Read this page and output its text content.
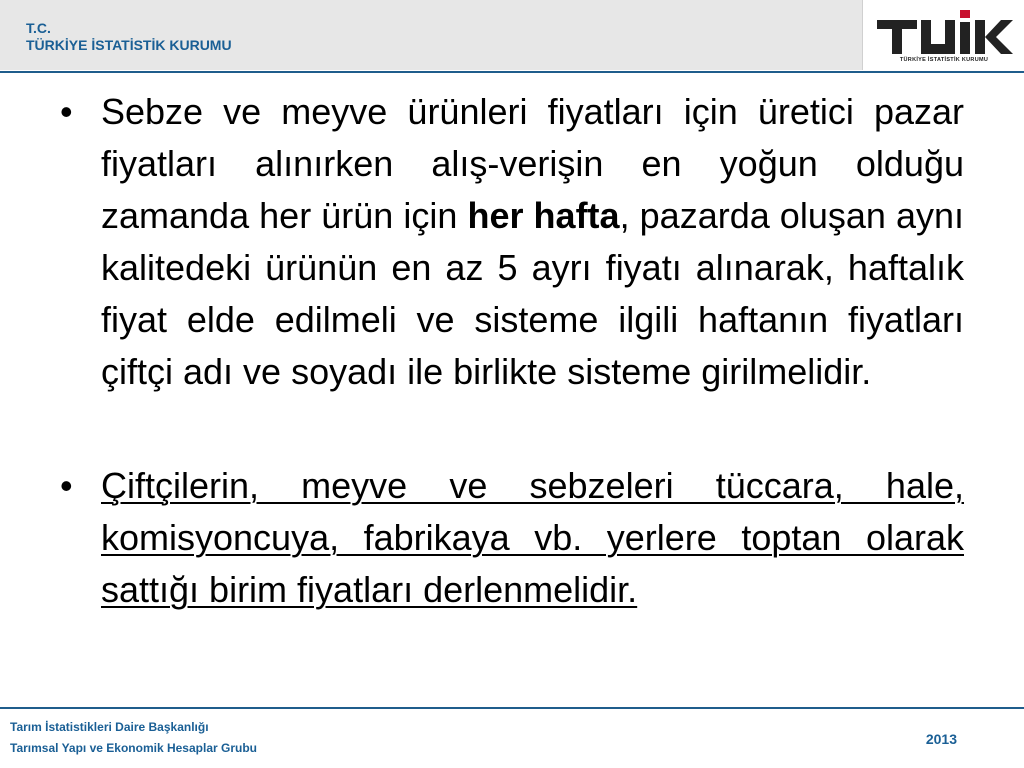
T.C.
TÜRKİYE İSTATİSTİK KURUMU
TÜRKİYE İSTATİSTİK KURUMU
• Sebze ve meyve ürünleri fiyatları için üretici pazar fiyatları alınırken alış-verişin en yoğun olduğu zamanda her ürün için her hafta, pazarda oluşan aynı kalitedeki ürünün en az 5 ayrı fiyatı alınarak, haftalık fiyat elde edilmeli ve sisteme ilgili haftanın fiyatları çiftçi adı ve soyadı ile birlikte sisteme girilmelidir.
• Çiftçilerin, meyve ve sebzeleri tüccara, hale, komisyoncuya, fabrikaya vb. yerlere toptan olarak sattığı birim fiyatları derlenmelidir.
Tarım İstatistikleri Daire Başkanlığı
Tarımsal Yapı ve Ekonomik Hesaplar Grubu
2013
